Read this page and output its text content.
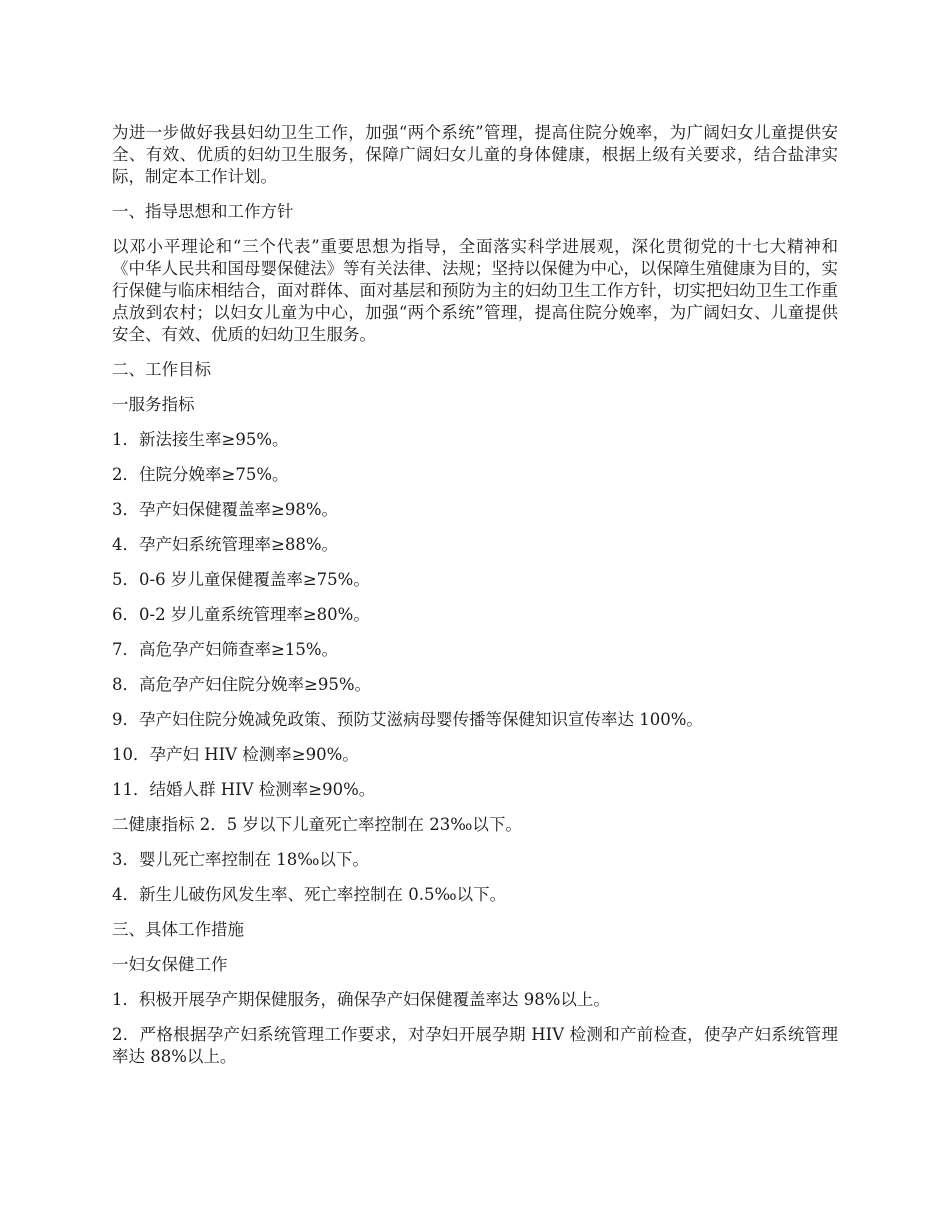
为进一步做好我县妇幼卫生工作，加强“两个系统”管理，提高住院分娩率，为广阔妇女儿童提供安全、有效、优质的妇幼卫生服务，保障广阔妇女儿童的身体健康，根据上级有关要求，结合盐津实际，制定本工作计划。

一、指导思想和工作方针

以邓小平理论和“三个代表”重要思想为指导，全面落实科学进展观，深化贯彻党的十七大精神和《中华人民共和国母婴保健法》等有关法律、法规；坚持以保健为中心，以保障生殖健康为目的，实行保健与临床相结合，面对群体、面对基层和预防为主的妇幼卫生工作方针，切实把妇幼卫生工作重点放到农村；以妇女儿童为中心，加强“两个系统”管理，提高住院分娩率，为广阔妇女、儿童提供安全、有效、优质的妇幼卫生服务。

二、工作目标

一服务指标

1．新法接生率≥95%。

2．住院分娩率≥75%。

3．孕产妇保健覆盖率≥98%。

4．孕产妇系统管理率≥88%。

5．0-6 岁儿童保健覆盖率≥75%。

6．0-2 岁儿童系统管理率≥80%。

7．高危孕产妇筛查率≥15%。

8．高危孕产妇住院分娩率≥95%。

9．孕产妇住院分娩减免政策、预防艾滋病母婴传播等保健知识宣传率达 100%。

10．孕产妇 HIV 检测率≥90%。

11．结婚人群 HIV 检测率≥90%。

二健康指标 2．5 岁以下儿童死亡率控制在 23‰以下。

3．婴儿死亡率控制在 18‰以下。

4．新生儿破伤风发生率、死亡率控制在 0.5‰以下。

三、具体工作措施

一妇女保健工作

1．积极开展孕产期保健服务，确保孕产妇保健覆盖率达 98%以上。

2．严格根据孕产妇系统管理工作要求，对孕妇开展孕期 HIV 检测和产前检查，使孕产妇系统管理率达 88%以上。
